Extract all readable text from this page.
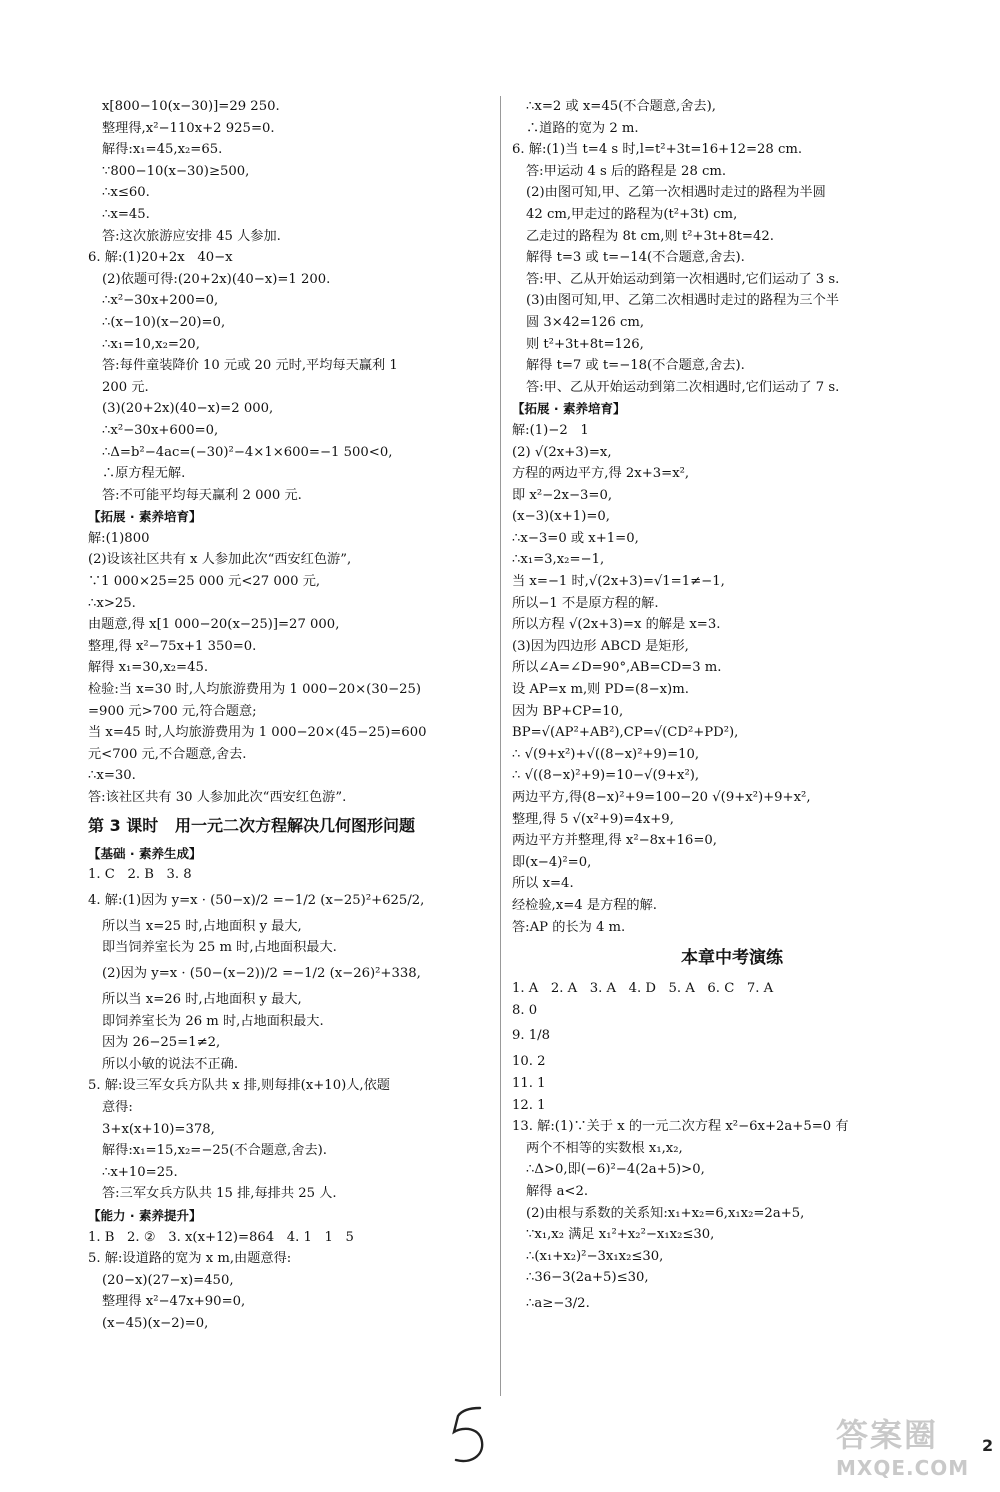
x[800−10(x−30)]=29 250.
整理得,x²−110x+2 925=0.
解得:x₁=45,x₂=65.
∵800−10(x−30)≥500,
∴x≤60.
∴x=45.
答:这次旅游应安排 45 人参加.
6. 解:(1)20+2x   40−x
(2)依题可得:(20+2x)(40−x)=1 200.
∴x²−30x+200=0,
∴(x−10)(x−20)=0,
∴x₁=10,x₂=20,
答:每件童装降价 10 元或 20 元时,平均每天赢利 1
200 元.
(3)(20+2x)(40−x)=2 000,
∴x²−30x+600=0,
∴Δ=b²−4ac=(−30)²−4×1×600=−1 500<0,
∴原方程无解.
答:不可能平均每天赢利 2 000 元.
【拓展 · 素养培育】
解:(1)800
(2)设该社区共有 x 人参加此次“西安红色游”,
∵1 000×25=25 000 元<27 000 元,
∴x>25.
由题意,得 x[1 000−20(x−25)]=27 000,
整理,得 x²−75x+1 350=0.
解得 x₁=30,x₂=45.
检验:当 x=30 时,人均旅游费用为 1 000−20×(30−25)
=900 元>700 元,符合题意;
当 x=45 时,人均旅游费用为 1 000−20×(45−25)=600
元<700 元,不合题意,舍去.
∴x=30.
答:该社区共有 30 人参加此次“西安红色游”.
第 3 课时   用一元二次方程解决几何图形问题
【基础 · 素养生成】
1. C   2. B   3. 8
4. 解:(1)因为 y=x · (50−x)/2 =−1/2 (x−25)²+625/2,
所以当 x=25 时,占地面积 y 最大,
即当饲养室长为 25 m 时,占地面积最大.
(2)因为 y=x · (50−(x−2))/2 =−1/2 (x−26)²+338,
所以当 x=26 时,占地面积 y 最大,
即饲养室长为 26 m 时,占地面积最大.
因为 26−25=1≠2,
所以小敏的说法不正确.
5. 解:设三军女兵方队共 x 排,则每排(x+10)人,依题
意得:
3+x(x+10)=378,
解得:x₁=15,x₂=−25(不合题意,舍去).
∴x+10=25.
答:三军女兵方队共 15 排,每排共 25 人.
【能力 · 素养提升】
1. B   2. ②   3. x(x+12)=864   4. 1   1   5
5. 解:设道路的宽为 x m,由题意得:
(20−x)(27−x)=450,
整理得 x²−47x+90=0,
(x−45)(x−2)=0,
∴x=2 或 x=45(不合题意,舍去),
∴道路的宽为 2 m.
6. 解:(1)当 t=4 s 时,l=t²+3t=16+12=28 cm.
答:甲运动 4 s 后的路程是 28 cm.
(2)由图可知,甲、乙第一次相遇时走过的路程为半圆
42 cm,甲走过的路程为(t²+3t) cm,
乙走过的路程为 8t cm,则 t²+3t+8t=42.
解得 t=3 或 t=−14(不合题意,舍去).
答:甲、乙从开始运动到第一次相遇时,它们运动了 3 s.
(3)由图可知,甲、乙第二次相遇时走过的路程为三个半
圆 3×42=126 cm,
则 t²+3t+8t=126,
解得 t=7 或 t=−18(不合题意,舍去).
答:甲、乙从开始运动到第二次相遇时,它们运动了 7 s.
【拓展 · 素养培育】
解:(1)−2   1
(2) √(2x+3)=x,
方程的两边平方,得 2x+3=x²,
即 x²−2x−3=0,
(x−3)(x+1)=0,
∴x−3=0 或 x+1=0,
∴x₁=3,x₂=−1,
当 x=−1 时,√(2x+3)=√1=1≠−1,
所以−1 不是原方程的解.
所以方程 √(2x+3)=x 的解是 x=3.
(3)因为四边形 ABCD 是矩形,
所以∠A=∠D=90°,AB=CD=3 m.
设 AP=x m,则 PD=(8−x)m.
因为 BP+CP=10,
BP=√(AP²+AB²),CP=√(CD²+PD²),
∴ √(9+x²)+√((8−x)²+9)=10,
∴ √((8−x)²+9)=10−√(9+x²),
两边平方,得(8−x)²+9=100−20 √(9+x²)+9+x²,
整理,得 5 √(x²+9)=4x+9,
两边平方并整理,得 x²−8x+16=0,
即(x−4)²=0,
所以 x=4.
经检验,x=4 是方程的解.
答:AP 的长为 4 m.
本章中考演练
1. A   2. A   3. A   4. D   5. A   6. C   7. A
8. 0
9. 1/8
10. 2
11. 1
12. 1
13. 解:(1)∵关于 x 的一元二次方程 x²−6x+2a+5=0 有
两个不相等的实数根 x₁,x₂,
∴Δ>0,即(−6)²−4(2a+5)>0,
解得 a<2.
(2)由根与系数的关系知:x₁+x₂=6,x₁x₂=2a+5,
∵x₁,x₂ 满足 x₁²+x₂²−x₁x₂≤30,
∴(x₁+x₂)²−3x₁x₂≤30,
∴36−3(2a+5)≤30,
∴a≥−3/2.
答案圈
MXQE.COM
2
